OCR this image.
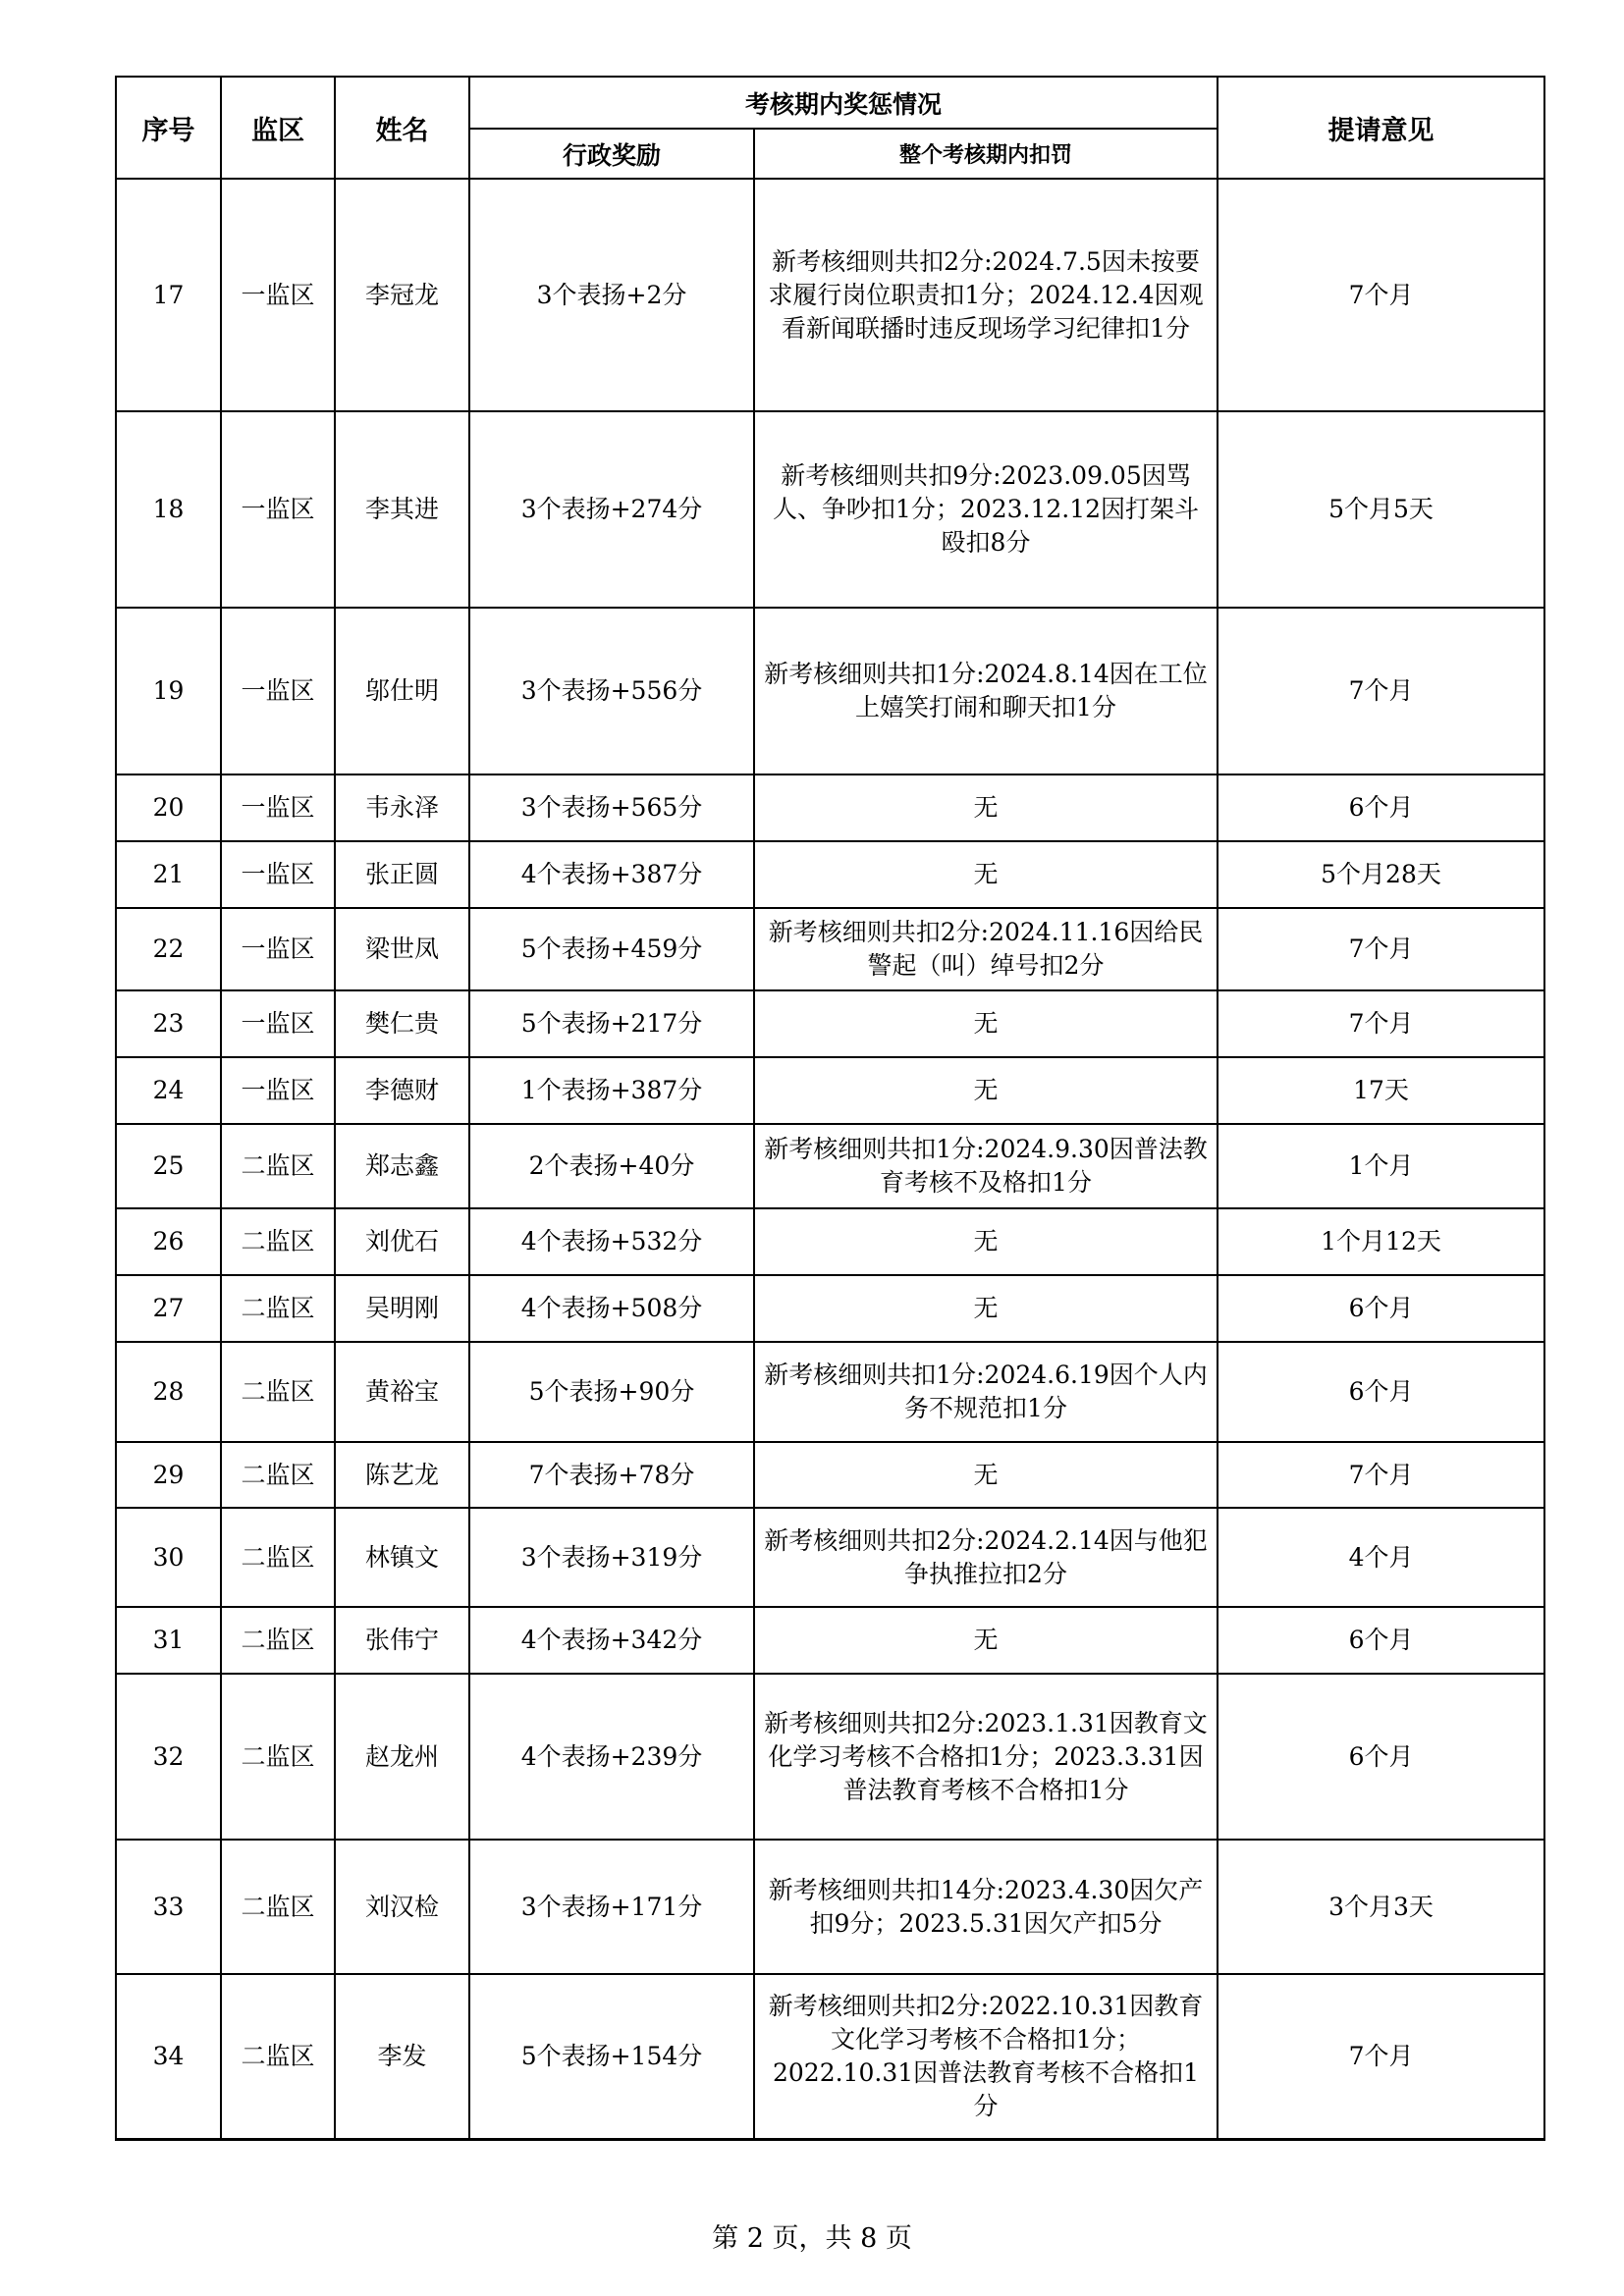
序号	监区	姓名	考核期内奖惩情况		提请意见
			行政奖励	整个考核期内扣罚	
17	一监区	李冠龙	3个表扬+2分	新考核细则共扣2分:2024.7.5因未按要求履行岗位职责扣1分；2024.12.4因观看新闻联播时违反现场学习纪律扣1分	7个月
18	一监区	李其进	3个表扬+274分	新考核细则共扣9分:2023.09.05因骂人、争吵扣1分；2023.12.12因打架斗殴扣8分	5个月5天
19	一监区	邬仕明	3个表扬+556分	新考核细则共扣1分:2024.8.14因在工位上嬉笑打闹和聊天扣1分	7个月
20	一监区	韦永泽	3个表扬+565分	无	6个月
21	一监区	张正圆	4个表扬+387分	无	5个月28天
22	一监区	梁世凤	5个表扬+459分	新考核细则共扣2分:2024.11.16因给民警起（叫）绰号扣2分	7个月
23	一监区	樊仁贵	5个表扬+217分	无	7个月
24	一监区	李德财	1个表扬+387分	无	17天
25	二监区	郑志鑫	2个表扬+40分	新考核细则共扣1分:2024.9.30因普法教育考核不及格扣1分	1个月
26	二监区	刘优石	4个表扬+532分	无	1个月12天
27	二监区	吴明刚	4个表扬+508分	无	6个月
28	二监区	黄裕宝	5个表扬+90分	新考核细则共扣1分:2024.6.19因个人内务不规范扣1分	6个月
29	二监区	陈艺龙	7个表扬+78分	无	7个月
30	二监区	林镇文	3个表扬+319分	新考核细则共扣2分:2024.2.14因与他犯争执推拉扣2分	4个月
31	二监区	张伟宁	4个表扬+342分	无	6个月
32	二监区	赵龙州	4个表扬+239分	新考核细则共扣2分:2023.1.31因教育文化学习考核不合格扣1分；2023.3.31因普法教育考核不合格扣1分	6个月
33	二监区	刘汉检	3个表扬+171分	新考核细则共扣14分:2023.4.30因欠产扣9分；2023.5.31因欠产扣5分	3个月3天
34	二监区	李发	5个表扬+154分	新考核细则共扣2分:2022.10.31因教育文化学习考核不合格扣1分；2022.10.31因普法教育考核不合格扣1分	7个月
第 2 页，共 8 页
